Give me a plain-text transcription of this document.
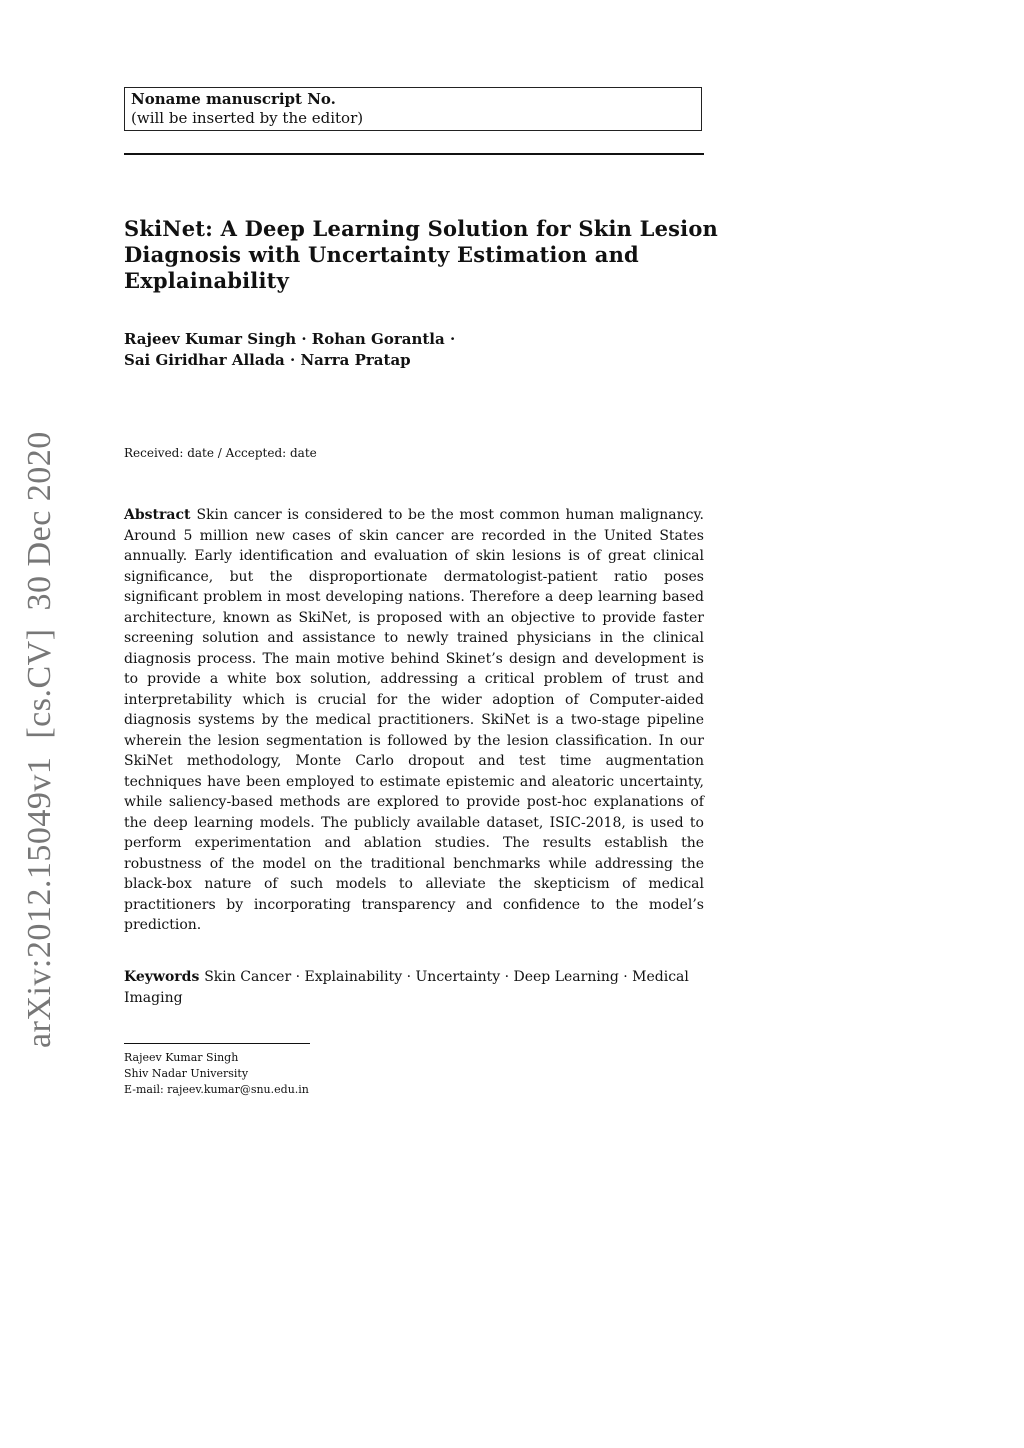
Noname manuscript No.
(will be inserted by the editor)
SkiNet: A Deep Learning Solution for Skin Lesion Diagnosis with Uncertainty Estimation and Explainability
Rajeev Kumar Singh · Rohan Gorantla ·
Sai Giridhar Allada · Narra Pratap
Received: date / Accepted: date
Abstract Skin cancer is considered to be the most common human malignancy. Around 5 million new cases of skin cancer are recorded in the United States annually. Early identification and evaluation of skin lesions is of great clinical significance, but the disproportionate dermatologist-patient ratio poses significant problem in most developing nations. Therefore a deep learning based architecture, known as SkiNet, is proposed with an objective to provide faster screening solution and assistance to newly trained physicians in the clinical diagnosis process. The main motive behind Skinet’s design and development is to provide a white box solution, addressing a critical problem of trust and interpretability which is crucial for the wider adoption of Computer-aided diagnosis systems by the medical practitioners. SkiNet is a two-stage pipeline wherein the lesion segmentation is followed by the lesion classification. In our SkiNet methodology, Monte Carlo dropout and test time augmentation techniques have been employed to estimate epistemic and aleatoric uncertainty, while saliency-based methods are explored to provide post-hoc explanations of the deep learning models. The publicly available dataset, ISIC-2018, is used to perform experimentation and ablation studies. The results establish the robustness of the model on the traditional benchmarks while addressing the black-box nature of such models to alleviate the skepticism of medical practitioners by incorporating transparency and confidence to the model’s prediction.
Keywords Skin Cancer · Explainability · Uncertainty · Deep Learning · Medical Imaging
Rajeev Kumar Singh
Shiv Nadar University
E-mail: rajeev.kumar@snu.edu.in
arXiv:2012.15049v1  [cs.CV]  30 Dec 2020
